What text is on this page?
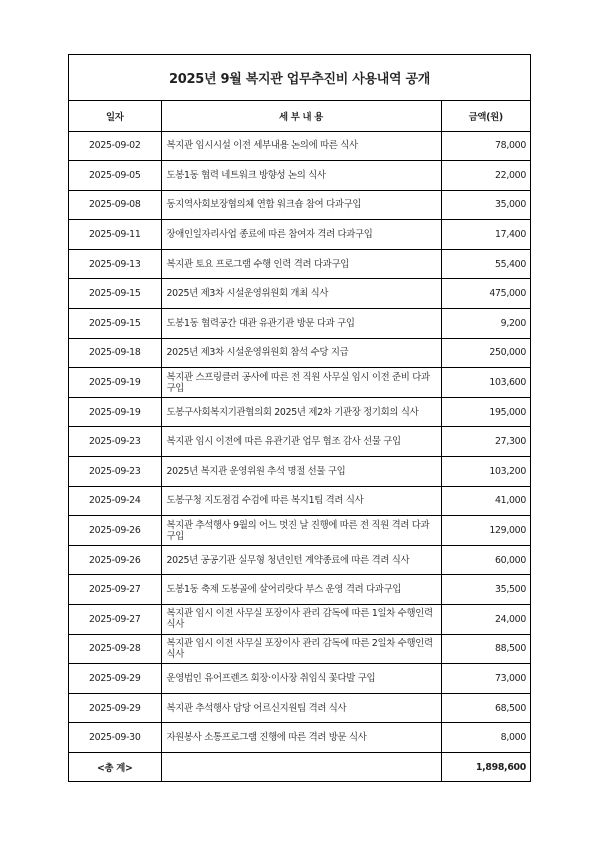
2025년 9월 복지관 업무추진비 사용내역 공개
일자	세 부 내 용	금액(원)
2025-09-02	복지관 임시시설 이전 세부내용 논의에 따른 식사	78,000
2025-09-05	도봉1동 협력 네트워크 방향성 논의 식사	22,000
2025-09-08	동지역사회보장협의체 연합 워크숍 참여 다과구입	35,000
2025-09-11	장애인일자리사업 종료에 따른 참여자 격려 다과구입	17,400
2025-09-13	복지관 토요 프로그램 수행 인력 격려 다과구입	55,400
2025-09-15	2025년 제3차 시설운영위원회 개최 식사	475,000
2025-09-15	도봉1동 협력공간 대관 유관기관 방문 다과 구입	9,200
2025-09-18	2025년 제3차 시설운영위원회 참석 수당 지급	250,000
2025-09-19	복지관 스프링클러 공사에 따른 전 직원 사무실 임시 이전 준비 다과구입	103,600
2025-09-19	도봉구사회복지기관협의회 2025년 제2차 기관장 정기회의 식사	195,000
2025-09-23	복지관 임시 이전에 따른 유관기관 업무 협조 감사 선물 구입	27,300
2025-09-23	2025년 복지관 운영위원 추석 명절 선물 구입	103,200
2025-09-24	도봉구청 지도점검 수검에 따른 복지1팀 격려 식사	41,000
2025-09-26	복지관 추석행사 9월의 어느 멋진 날 진행에 따른 전 직원 격려 다과구입	129,000
2025-09-26	2025년 공공기관 실무형 청년인턴 계약종료에 따른 격려 식사	60,000
2025-09-27	도봉1동 축제 도봉골에 살어리랏다 부스 운영 격려 다과구입	35,500
2025-09-27	복지관 임시 이전 사무실 포장이사 관리 감독에 따른 1일차 수행인력 식사	24,000
2025-09-28	복지관 임시 이전 사무실 포장이사 관리 감독에 따른 2일차 수행인력 식사	88,500
2025-09-29	운영법인 유어프렌즈 회장·이사장 취임식 꽃다발 구입	73,000
2025-09-29	복지관 추석행사 담당 어르신지원팀 격려 식사	68,500
2025-09-30	자원봉사 소통프로그램 진행에 따른 격려 방문 식사	8,000
<총 계>		1,898,600
